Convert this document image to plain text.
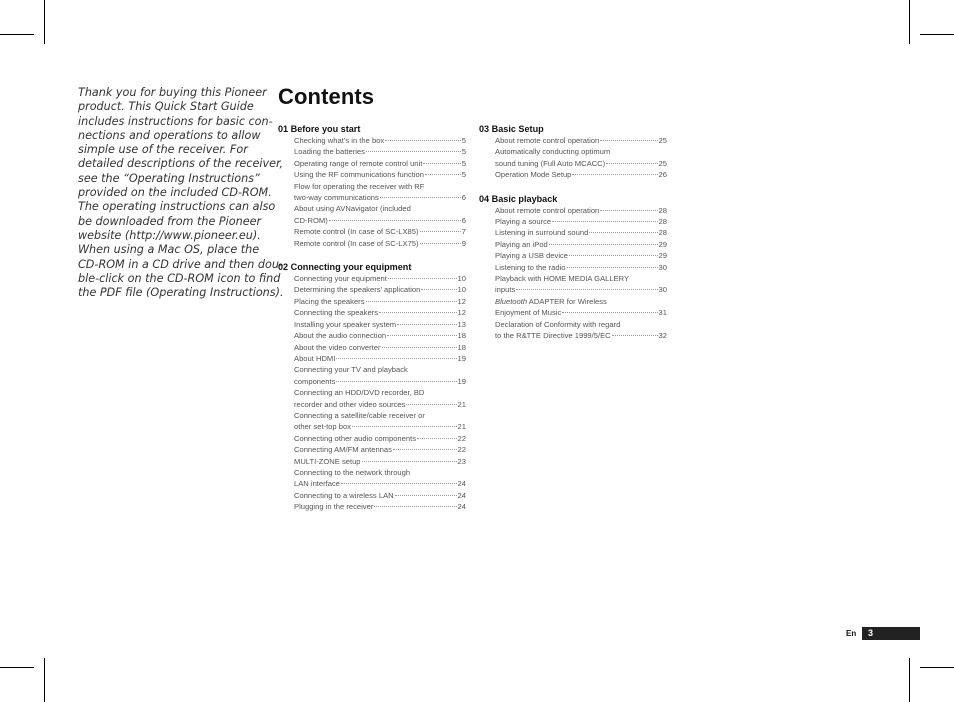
Thank you for buying this Pioneer
product. This Quick Start Guide
includes instructions for basic con-
nections and operations to allow
simple use of the receiver. For
detailed descriptions of the receiver,
see the “Operating Instructions”
provided on the included CD-ROM.
The operating instructions can also
be downloaded from the Pioneer
website (http://www.pioneer.eu).
When using a Mac OS, place the
CD-ROM in a CD drive and then dou-
ble-click on the CD-ROM icon to find
the PDF file (Operating Instructions).
Contents
01 Before you start
Checking what’s in the box	5
Loading the batteries	5
Operating range of remote control unit	5
Using the RF communications function	5
Flow for operating the receiver with RF
two-way communications	6
About using AVNavigator (included
CD-ROM)	6
Remote control (In case of SC-LX85)	7
Remote control (In case of SC-LX75)	9
02 Connecting your equipment
Connecting your equipment	10
Determining the speakers’ application	10
Placing the speakers	12
Connecting the speakers	12
Installing your speaker system	13
About the audio connection	18
About the video converter	18
About HDMI	19
Connecting your TV and playback
components	19
Connecting an HDD/DVD recorder, BD
recorder and other video sources	21
Connecting a satellite/cable receiver or
other set-top box	21
Connecting other audio components	22
Connecting AM/FM antennas	22
MULTI-ZONE setup	23
Connecting to the network through
LAN interface	24
Connecting to a wireless LAN	24
Plugging in the receiver	24
03 Basic Setup
About remote control operation	25
Automatically conducting optimum
sound tuning (Full Auto MCACC)	25
Operation Mode Setup	26
04 Basic playback
About remote control operation	28
Playing a source	28
Listening in surround sound	28
Playing an iPod	29
Playing a USB device	29
Listening to the radio	30
Playback with HOME MEDIA GALLERY
inputs	30
Bluetooth ADAPTER for Wireless
Enjoyment of Music	31
Declaration of Conformity with regard
to the R&TTE Directive 1999/5/EC	32
En 3
